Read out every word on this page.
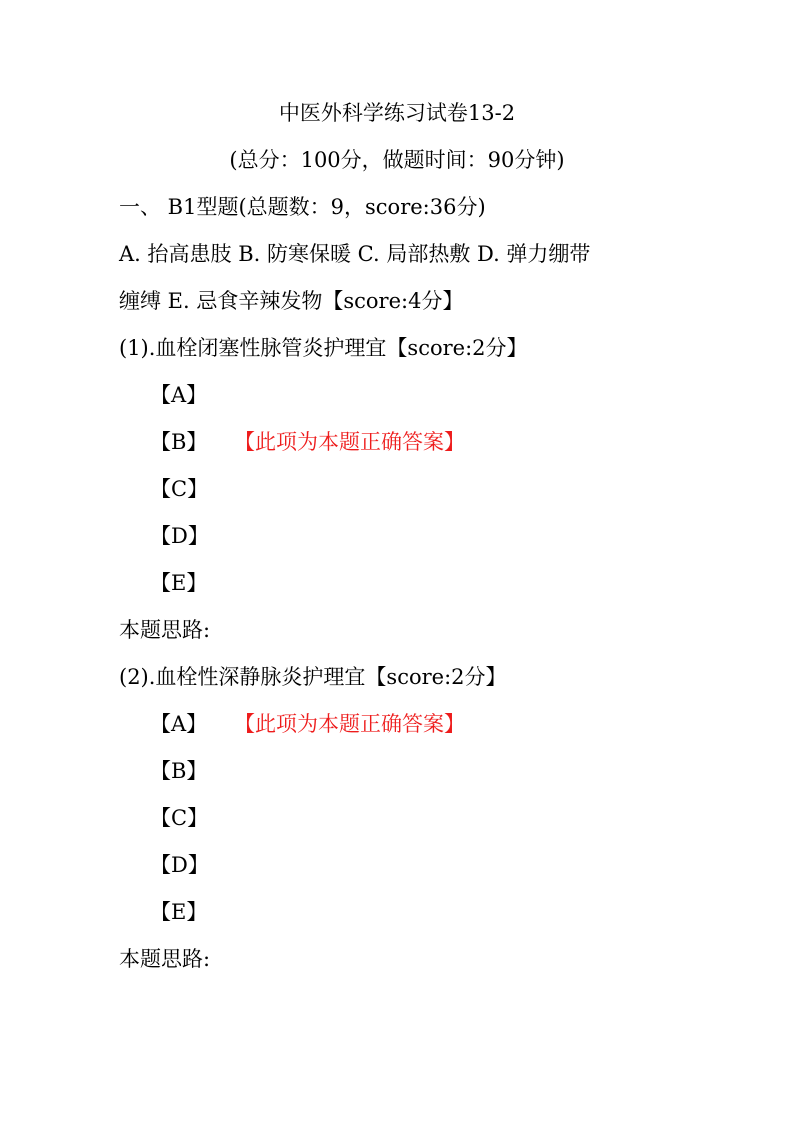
中医外科学练习试卷13-2
(总分：100分，做题时间：90分钟)
一、 B1型题(总题数：9，score:36分)
A. 抬高患肢 B. 防寒保暖 C. 局部热敷 D. 弹力绷带
缠缚 E. 忌食辛辣发物【score:4分】
(1).血栓闭塞性脉管炎护理宜【score:2分】
【A】
【B】 【此项为本题正确答案】
【C】
【D】
【E】
本题思路:
(2).血栓性深静脉炎护理宜【score:2分】
【A】 【此项为本题正确答案】
【B】
【C】
【D】
【E】
本题思路:
